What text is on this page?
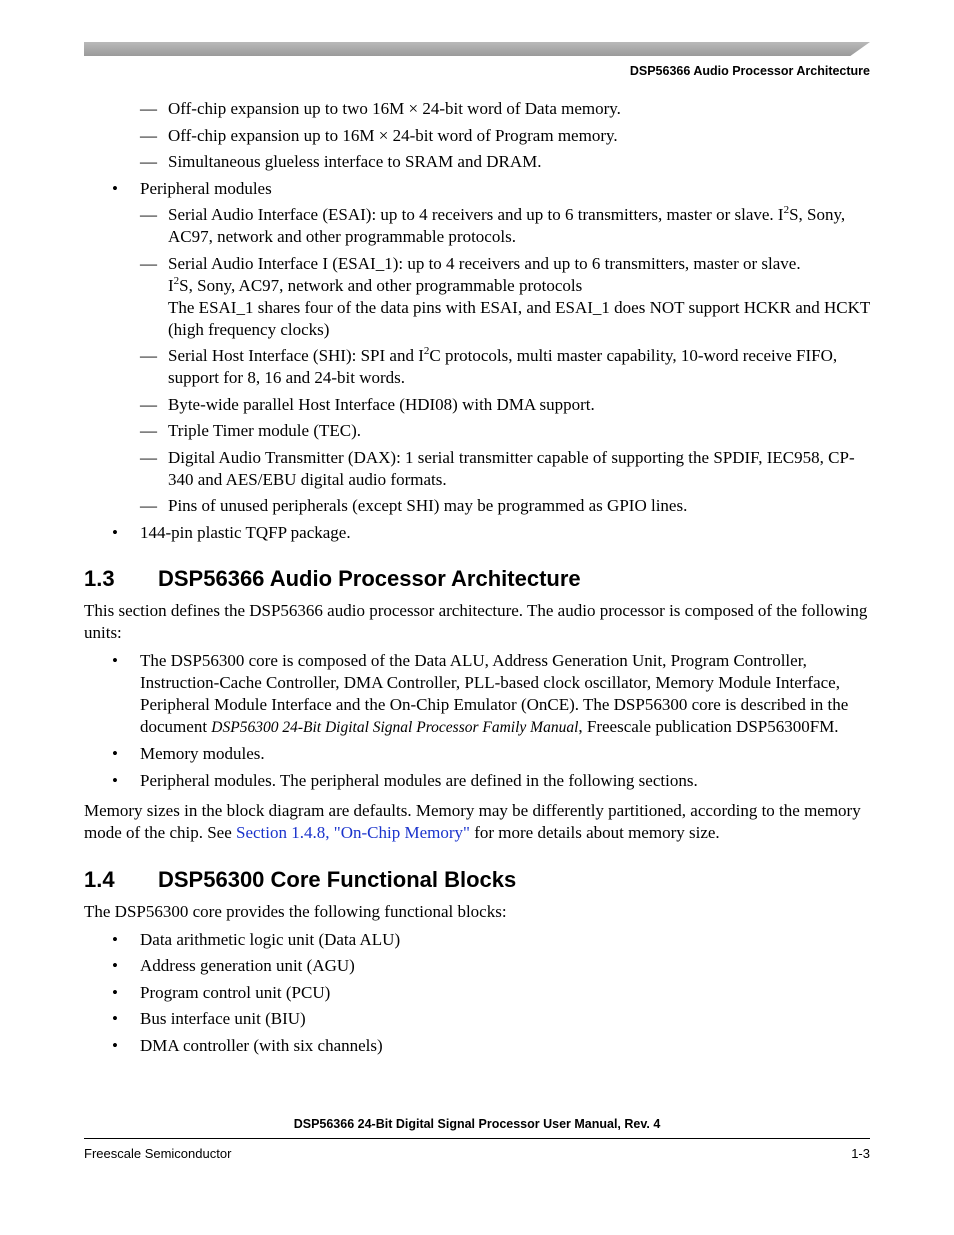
DSP56366 Audio Processor Architecture
— Off-chip expansion up to two 16M × 24-bit word of Data memory.
— Off-chip expansion up to 16M × 24-bit word of Program memory.
— Simultaneous glueless interface to SRAM and DRAM.
• Peripheral modules
— Serial Audio Interface (ESAI): up to 4 receivers and up to 6 transmitters, master or slave. $I^2S$, Sony, AC97, network and other programmable protocols.
— Serial Audio Interface I (ESAI_1): up to 4 receivers and up to 6 transmitters, master or slave.
$I^2S$, Sony, AC97, network and other programmable protocols
The ESAI_1 shares four of the data pins with ESAI, and ESAI_1 does NOT support HCKR and HCKT (high frequency clocks)
— Serial Host Interface (SHI): SPI and $I^2C$ protocols, multi master capability, 10-word receive FIFO, support for 8, 16 and 24-bit words.
— Byte-wide parallel Host Interface (HDI08) with DMA support.
— Triple Timer module (TEC).
— Digital Audio Transmitter (DAX): 1 serial transmitter capable of supporting the SPDIF, IEC958, CP-340 and AES/EBU digital audio formats.
— Pins of unused peripherals (except SHI) may be programmed as GPIO lines.
• 144-pin plastic TQFP package.
1.3 DSP56366 Audio Processor Architecture

This section defines the DSP56366 audio processor architecture. The audio processor is composed of the following units:

• The DSP56300 core is composed of the Data ALU, Address Generation Unit, Program Controller, Instruction-Cache Controller, DMA Controller, PLL-based clock oscillator, Memory Module Interface, Peripheral Module Interface and the On-Chip Emulator (OnCE). The DSP56300 core is described in the document DSP56300 24-Bit Digital Signal Processor Family Manual, Freescale publication DSP56300FM.
• Memory modules.
• Peripheral modules. The peripheral modules are defined in the following sections.

Memory sizes in the block diagram are defaults. Memory may be differently partitioned, according to the memory mode of the chip. See Section 1.4.8, "On-Chip Memory" for more details about memory size.

1.4 DSP56300 Core Functional Blocks

The DSP56300 core provides the following functional blocks:

• Data arithmetic logic unit (Data ALU)
• Address generation unit (AGU)
• Program control unit (PCU)
• Bus interface unit (BIU)
• DMA controller (with six channels)
DSP56366 24-Bit Digital Signal Processor User Manual, Rev. 4
Freescale Semiconductor	1-3
